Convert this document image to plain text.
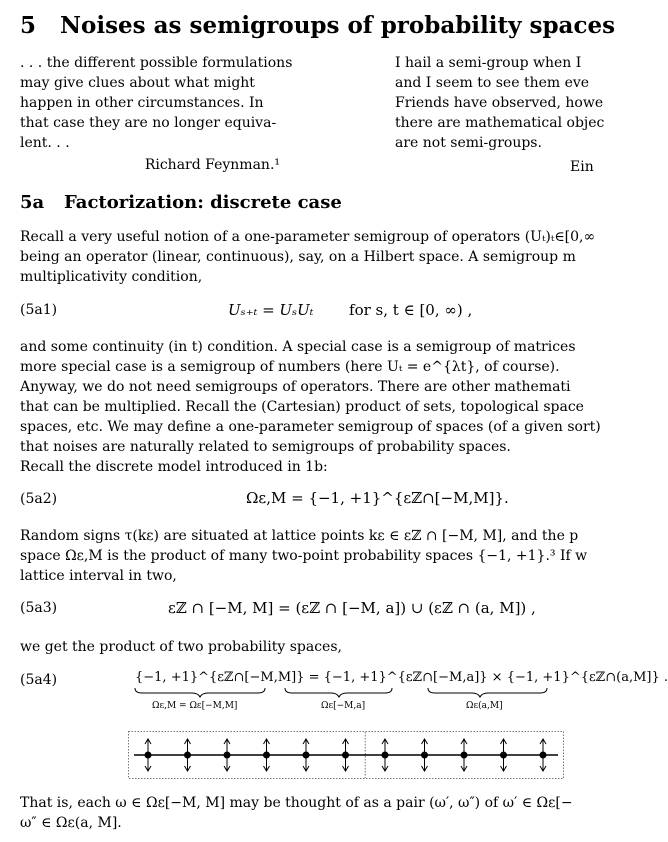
5 Noises as semigroups of probability spaces
. . . the different possible formulations
may give clues about what might
happen in other circumstances. In
that case they are no longer equiva-
lent. . .
Richard Feynman.¹
I hail a semi-group when I
and I seem to see them eve
Friends have observed, howe
there are mathematical objec
are not semi-groups.
Ein
5a Factorization: discrete case
Recall a very useful notion of a one-parameter semigroup of operators (Uₜ)ₜ∈[0,∞
being an operator (linear, continuous), say, on a Hilbert space. A semigroup m
multiplicativity condition,
(5a1)	Uₛ₊ₜ = UₛUₜ for s, t ∈ [0, ∞) ,
and some continuity (in t) condition. A special case is a semigroup of matrices
more special case is a semigroup of numbers (here Uₜ = e^{λt}, of course).
Anyway, we do not need semigroups of operators. There are other mathemati
that can be multiplied. Recall the (Cartesian) product of sets, topological space
spaces, etc. We may define a one-parameter semigroup of spaces (of a given sort)
that noises are naturally related to semigroups of probability spaces.
Recall the discrete model introduced in 1b:
(5a2)	Ωε,M = {−1, +1}^{εℤ∩[−M,M]}.
Random signs τ(kε) are situated at lattice points kε ∈ εℤ ∩ [−M, M], and the p
space Ωε,M is the product of many two-point probability spaces {−1, +1}.³ If w
lattice interval in two,
(5a3)	εℤ ∩ [−M, M] = (εℤ ∩ [−M, a]) ∪ (εℤ ∩ (a, M]) ,
we get the product of two probability spaces,
(5a4)	{−1, +1}^{εℤ∩[−M,M]} = {−1, +1}^{εℤ∩[−M,a]} × {−1, +1}^{εℤ∩(a,M]} .
Ωε,M = Ωε[−M,M]	Ωε[−M,a]	Ωε(a,M]
That is, each ω ∈ Ωε[−M, M] may be thought of as a pair (ω′, ω″) of ω′ ∈ Ωε[−
ω″ ∈ Ωε(a, M].
